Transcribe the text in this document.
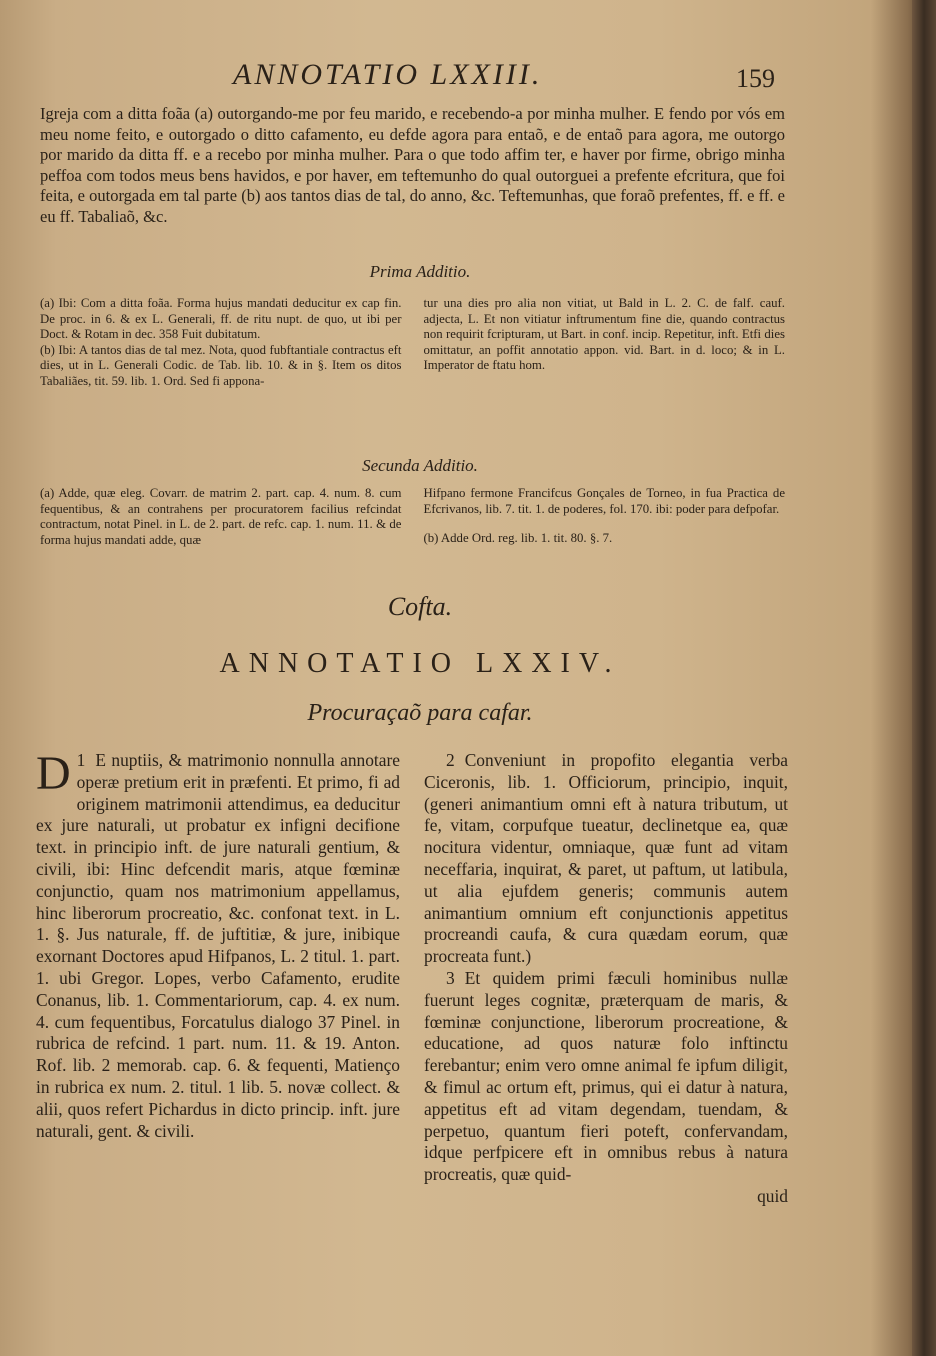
ANNOTATIO LXXIII.	159

Igreja com a ditta foãa (a) outorgando-me por feu marido, e recebendo-a por minha mulher. E fendo por vós em meu nome feito, e outorgado o ditto cafamento, eu defde agora para entaõ, e de entaõ para agora, me outorgo por marido da ditta ff. e a recebo por minha mulher. Para o que todo affim ter, e haver por firme, obrigo minha peffoa com todos meus bens havidos, e por haver, em teftemunho do qual outorguei a prefente efcritura, que foi feita, e outorgada em tal parte (b) aos tantos dias de tal, do anno, &c. Teftemunhas, que foraõ prefentes, ff. e ff. e eu ff. Tabaliaõ, &c.

Prima Additio.

(a) Ibi: Com a ditta foãa. Forma hujus mandati deducitur ex cap fin. De proc. in 6. & ex L. Generali, ff. de ritu nupt. de quo, ut ibi per Doct. & Rotam in dec. 358 Fuit dubitatum.

(b) Ibi: A tantos dias de tal mez. Nota, quod fubftantiale contractus eft dies, ut in L. Generali Codic. de Tab. lib. 10. & in §. Item os ditos Tabaliães, tit. 59. lib. 1. Ord. Sed fi appona-

tur una dies pro alia non vitiat, ut Bald in L. 2. C. de falf. cauf. adjecta, L. Et non vitiatur inftrumentum fine die, quando contractus non requirit fcripturam, ut Bart. in conf. incip. Repetitur, inft. Etfi dies omittatur, an poffit annotatio appon. vid. Bart. in d. loco; & in L. Imperator de ftatu hom.

Secunda Additio.

(a) Adde, quæ eleg. Covarr. de matrim 2. part. cap. 4. num. 8. cum fequentibus, & an contrahens per procuratorem facilius refcindat contractum, notat Pinel. in L. de 2. part. de refc. cap. 1. num. 11. & de forma hujus mandati adde, quæ

Hifpano fermone Francifcus Gonçales de Torneo, in fua Practica de Efcrivanos, lib. 7. tit. 1. de poderes, fol. 170. ibi: poder para defpofar.

(b) Adde Ord. reg. lib. 1. tit. 80. §. 7.

Cofta.
ANNOTATIO LXXIV.
Procuraçaõ para cafar.

1
D E nuptiis, & matrimonio nonnulla annotare operæ pretium erit in præfenti. Et primo, fi ad originem matrimonii attendimus, ea deducitur ex jure naturali, ut probatur ex infigni decifione text. in principio inft. de jure naturali gentium, & civili, ibi: Hinc defcendit maris, atque fœminæ conjunctio, quam nos matrimonium appellamus, hinc liberorum procreatio, &c. confonat text. in L. 1. §. Jus naturale, ff. de juftitiæ, & jure, inibique exornant Doctores apud Hifpanos, L. 2 titul. 1. part. 1. ubi Gregor. Lopes, verbo Cafamento, erudite Conanus, lib. 1. Commentariorum, cap. 4. ex num. 4. cum fequentibus, Forcatulus dialogo 37 Pinel. in rubrica de refcind. 1 part. num. 11. & 19. Anton. Rof. lib. 2 memorab. cap. 6. & fequenti, Matienço in rubrica ex num. 2. titul. 1 lib. 5. novæ collect. & alii, quos refert Pichardus in dicto princip. inft. jure naturali, gent. & civili.

2 Conveniunt in propofito elegantia verba Ciceronis, lib. 1. Officiorum, principio, inquit, (generi animantium omni eft à natura tributum, ut fe, vitam, corpufque tueatur, declinetque ea, quæ nocitura videntur, omniaque, quæ funt ad vitam neceffaria, inquirat, & paret, ut paftum, ut latibula, ut alia ejufdem generis; communis autem animantium omnium eft conjunctionis appetitus procreandi caufa, & cura quædam eorum, quæ procreata funt.)

3 Et quidem primi fæculi hominibus nullæ fuerunt leges cognitæ, præterquam de maris, & fœminæ conjunctione, liberorum procreatione, & educatione, ad quos naturæ folo inftinctu ferebantur; enim vero omne animal fe ipfum diligit, & fimul ac ortum eft, primus, qui ei datur à natura, appetitus eft ad vitam degendam, tuendam, & perpetuo, quantum fieri poteft, confervandam, idque perfpicere eft in omnibus rebus à natura procreatis, quæ quid-

quid
